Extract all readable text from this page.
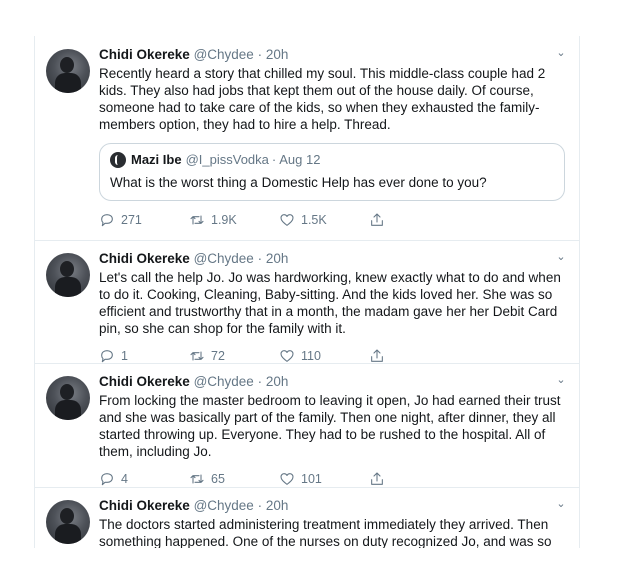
⌄
Chidi Okereke @Chydee · 20h
Recently heard a story that chilled my soul. This middle-class couple had 2 kids. They also had jobs that kept them out of the house daily. Of course, someone had to take care of the kids, so when they exhausted the family-members option, they had to hire a help. Thread.
Mazi Ibe @I_pissVodka · Aug 12
What is the worst thing a Domestic Help has ever done to you?
271	1.9K	1.5K
⌄
Chidi Okereke @Chydee · 20h
Let's call the help Jo. Jo was hardworking, knew exactly what to do and when to do it. Cooking, Cleaning, Baby-sitting. And the kids loved her. She was so efficient and trustworthy that in a month, the madam gave her her Debit Card pin, so she can shop for the family with it.
1	72	110
⌄
Chidi Okereke @Chydee · 20h
From locking the master bedroom to leaving it open, Jo had earned their trust and she was basically part of the family. Then one night, after dinner, they all started throwing up. Everyone. They had to be rushed to the hospital. All of them, including Jo.
4	65	101
⌄
Chidi Okereke @Chydee · 20h
The doctors started administering treatment immediately they arrived. Then something happened. One of the nurses on duty recognized Jo, and was so
